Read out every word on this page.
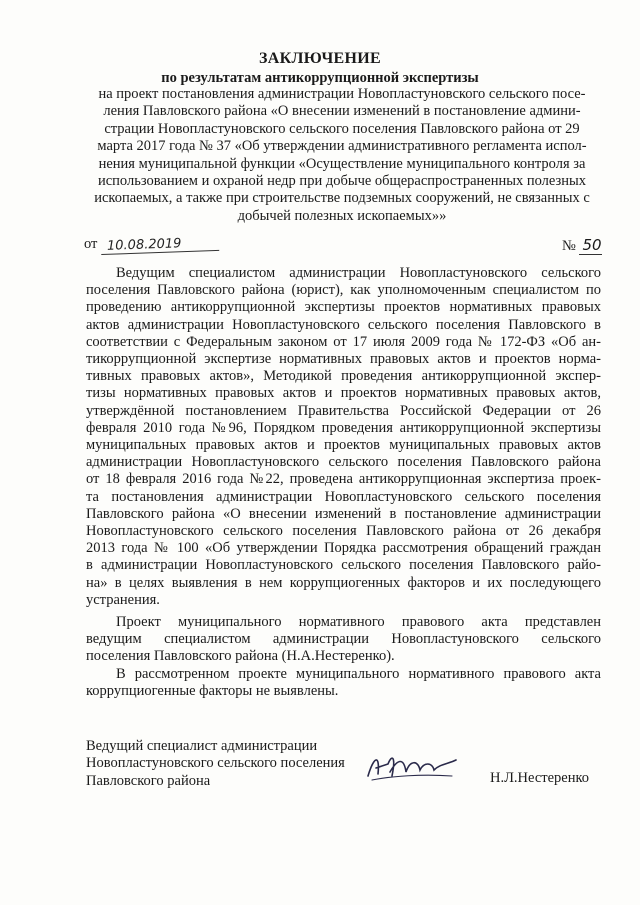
ЗАКЛЮЧЕНИЕ
по результатам антикоррупционной экспертизы
на проект постановления администрации Новопластуновского сельского посе-
ления Павловского района «О внесении изменений в постановление админи-
страции Новопластуновского сельского поселения Павловского района от 29
марта 2017 года № 37 «Об утверждении административного регламента испол-
нения муниципальной функции «Осуществление муниципального контроля за
использованием и охраной недр при добыче общераспространенных полезных
ископаемых, а также при строительстве подземных сооружений, не связанных с
добычей полезных ископаемых»»
от 10.08.2019	№ 50
Ведущим специалистом администрации Новопластуновского сельского
поселения Павловского района (юрист), как уполномоченным специалистом по
проведению антикоррупционной экспертизы проектов нормативных правовых
актов администрации Новопластуновского сельского поселения Павловского в
соответствии с Федеральным законом от 17 июля 2009 года № 172-ФЗ «Об ан-
тикоррупционной экспертизе нормативных правовых актов и проектов норма-
тивных правовых актов», Методикой проведения антикоррупционной экспер-
тизы нормативных правовых актов и проектов нормативных правовых актов,
утверждённой постановлением Правительства Российской Федерации от 26
февраля 2010 года №96, Порядком проведения антикоррупционной экспертизы
муниципальных правовых актов и проектов муниципальных правовых актов
администрации Новопластуновского сельского поселения Павловского района
от 18 февраля 2016 года №22, проведена антикоррупционная экспертиза проек-
та постановления администрации Новопластуновского сельского поселения
Павловского района «О внесении изменений в постановление администрации
Новопластуновского сельского поселения Павловского района от 26 декабря
2013 года № 100 «Об утверждении Порядка рассмотрения обращений граждан
в администрации Новопластуновского сельского поселения Павловского райо-
на» в целях выявления в нем коррупциогенных факторов и их последующего
устранения.
Проект муниципального нормативного правового акта представлен
ведущим специалистом администрации Новопластуновского сельского
поселения Павловского района (Н.А.Нестеренко).
В рассмотренном проекте муниципального нормативного правового акта
коррупциогенные факторы не выявлены.
Ведущий специалист администрации
Новопластуновского сельского поселения
Павловского района	Н.Л.Нестеренко
